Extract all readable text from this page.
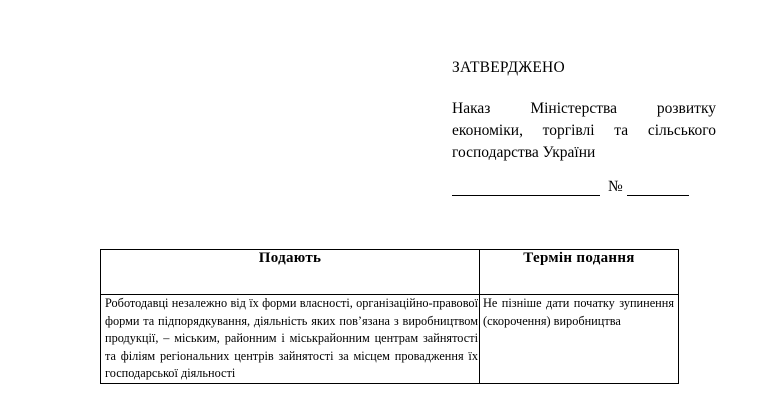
ЗАТВЕРДЖЕНО
Наказ Міністерства розвитку
економіки, торгівлі та сільського
господарства України
№
Подають	Термін подання
Роботодавці незалежно від їх форми власності, організаційно-правової форми та підпорядкування, діяльність яких пов’язана з виробництвом продукції, – міським, районним і міськрайонним центрам зайнятості та філіям регіональних центрів зайнятості за місцем провадження їх господарської діяльності	Не пізніше дати початку зупинення
(скорочення) виробництва
